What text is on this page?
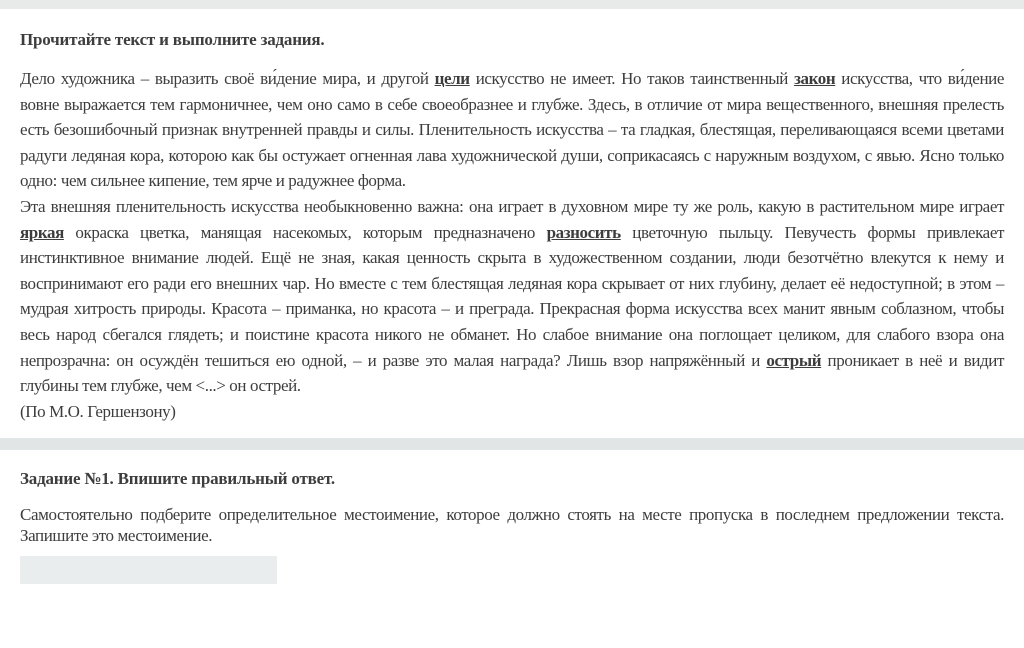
Прочитайте текст и выполните задания.

Дело художника – выразить своё ви́дение мира, и другой цели искусство не имеет. Но таков таинственный закон искусства, что ви́дение вовне выражается тем гармоничнее, чем оно само в себе своеобразнее и глубже. Здесь, в отличие от мира вещественного, внешняя прелесть есть безошибочный признак внутренней правды и силы. Пленительность искусства – та гладкая, блестящая, переливающаяся всеми цветами радуги ледяная кора, которою как бы остужает огненная лава художнической души, соприкасаясь с наружным воздухом, с явью. Ясно только одно: чем сильнее кипение, тем ярче и радужнее форма.

Эта внешняя пленительность искусства необыкновенно важна: она играет в духовном мире ту же роль, какую в растительном мире играет яркая окраска цветка, манящая насекомых, которым предназначено разносить цветочную пыльцу. Певучесть формы привлекает инстинктивное внимание людей. Ещё не зная, какая ценность скрыта в художественном создании, люди безотчётно влекутся к нему и воспринимают его ради его внешних чар. Но вместе с тем блестящая ледяная кора скрывает от них глубину, делает её недоступной; в этом – мудрая хитрость природы. Красота – приманка, но красота – и преграда. Прекрасная форма искусства всех манит явным соблазном, чтобы весь народ сбегался глядеть; и поистине красота никого не обманет. Но слабое внимание она поглощает целиком, для слабого взора она непрозрачна: он осуждён тешиться ею одной, – и разве это малая награда? Лишь взор напряжённый и острый проникает в неё и видит глубины тем глубже, чем <...> он острей.

(По М.О. Гершензону)

Задание №1. Впишите правильный ответ.

Самостоятельно подберите определительное местоимение, которое должно стоять на месте пропуска в последнем предложении текста. Запишите это местоимение.
